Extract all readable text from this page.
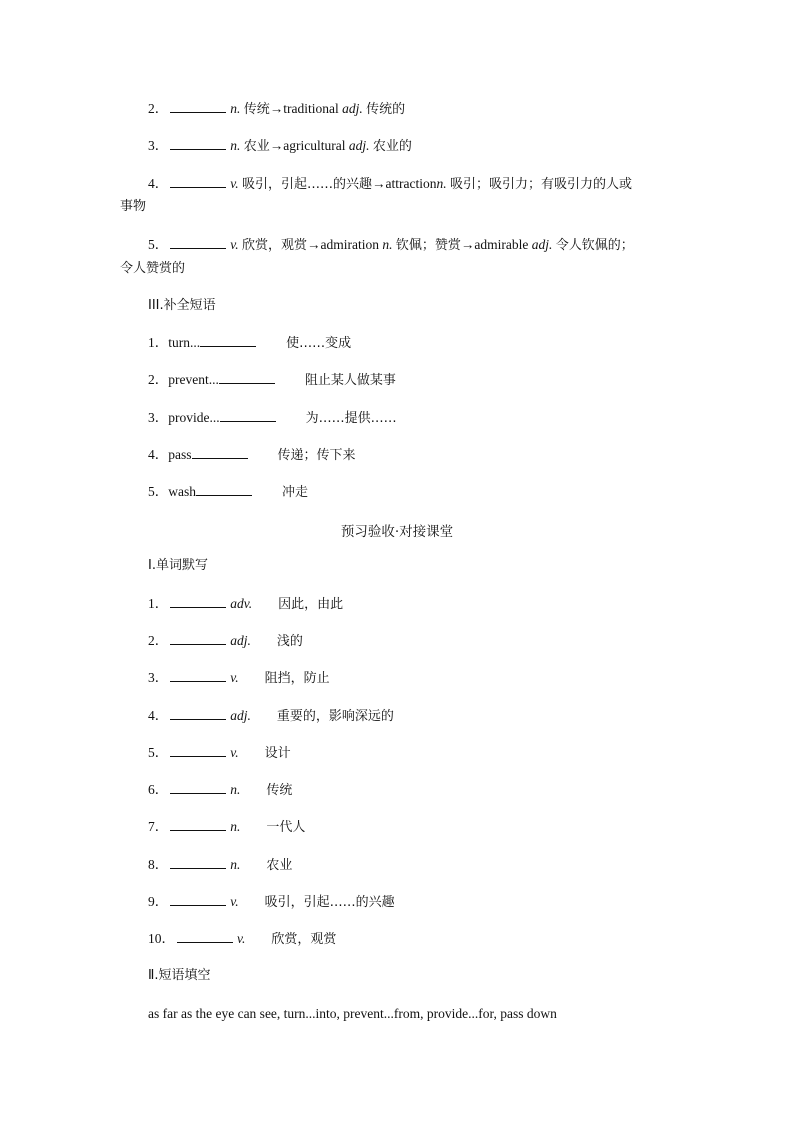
2．	n. 传统→traditional adj. 传统的
3．	n. 农业→agricultural adj. 农业的
4．	v. 吸引，引起……的兴趣→attractionn. 吸引；吸引力；有吸引力的人或
事物
5．	v. 欣赏，观赏→admiration n. 钦佩；赞赏→admirable adj. 令人钦佩的；
令人赞赏的
III.补全短语
1．turn...	使……变成
2．prevent...	阻止某人做某事
3．provide...	为……提供……
4．pass	传递；传下来
5．wash	冲走
预习验收·对接课堂
Ⅰ.单词默写
1．	adv. 因此，由此
2．	adj. 浅的
3．	v. 阻挡，防止
4．	adj. 重要的，影响深远的
5．	v. 设计
6．	n. 传统
7．	n. 一代人
8．	n. 农业
9．	v. 吸引，引起……的兴趣
10．	v. 欣赏，观赏
Ⅱ.短语填空
as far as the eye can see, turn...into, prevent...from, provide...for, pass down
